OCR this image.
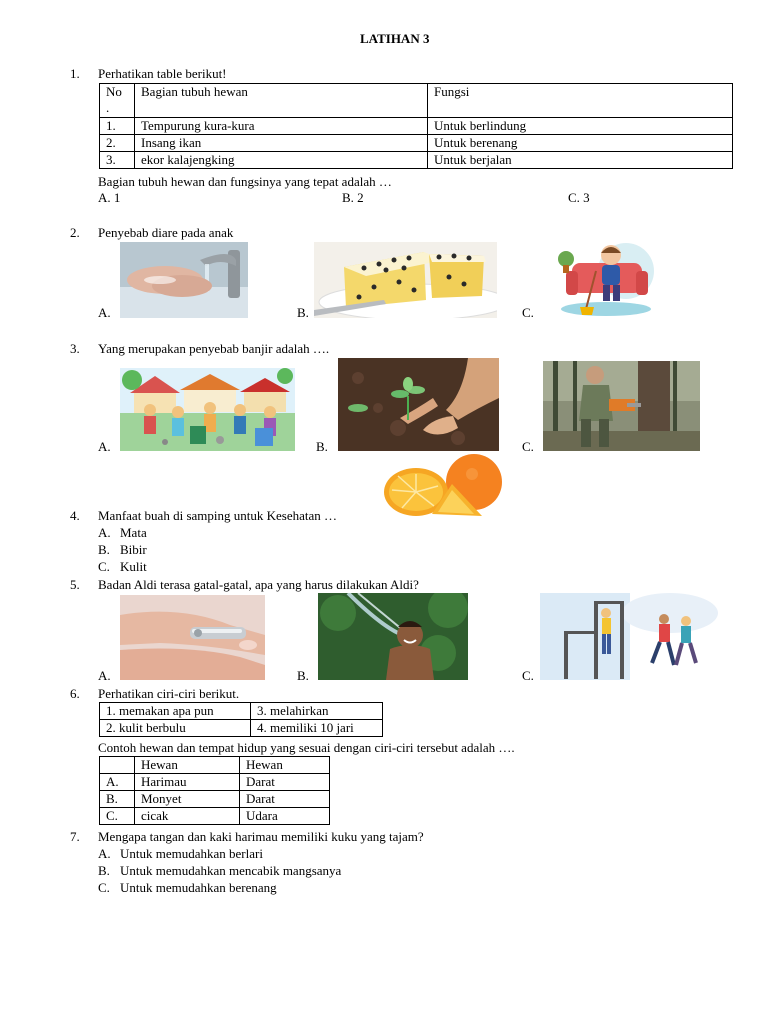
LATIHAN 3
1. Perhatikan table berikut!
No
.	Bagian tubuh hewan	Fungsi
1.	Tempurung kura-kura	Untuk berlindung
2.	Insang ikan	Untuk berenang
3.	ekor kalajengking	Untuk berjalan
Bagian tubuh hewan dan fungsinya yang tepat adalah …
A. 1	B. 2	C. 3
2. Penyebab diare pada anak
A.	B.	C.
3. Yang merupakan penyebab banjir adalah ….
A.	B.	C.
4. Manfaat buah di samping untuk Kesehatan …
A. Mata
B. Bibir
C. Kulit
5. Badan Aldi terasa gatal-gatal, apa yang harus dilakukan Aldi?
A.	B.	C.
6. Perhatikan ciri-ciri berikut.
1. memakan apa pun	3. melahirkan
2. kulit berbulu	4. memiliki 10 jari
Contoh hewan dan tempat hidup yang sesuai dengan ciri-ciri tersebut adalah ….
	Hewan	Hewan
A.	Harimau	Darat
B.	Monyet	Darat
C.	cicak	Udara
7. Mengapa tangan dan kaki harimau memiliki kuku yang tajam?
A. Untuk memudahkan berlari
B. Untuk memudahkan mencabik mangsanya
C. Untuk memudahkan berenang
